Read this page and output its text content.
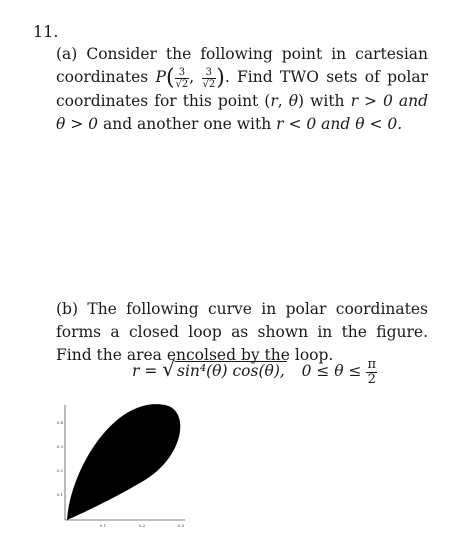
11.
(a) Consider the following point in cartesian coordinates $P( \frac{3}{√2}$ , $\frac{3}{√2}$ ). Find TWO sets of polar coordinates for this point (r, θ) with r > 0 and θ > 0 and another one with r < 0 and θ < 0.
(b) The following curve in polar coordinates forms a closed loop as shown in the figure. Find the area encolsed by the loop.
r = √ sin⁴(θ) cos(θ), $0 \le \theta \le \frac{\pi}{2}$
0.1	0.2	0.3
0.1
0.2
0.3
0.4
